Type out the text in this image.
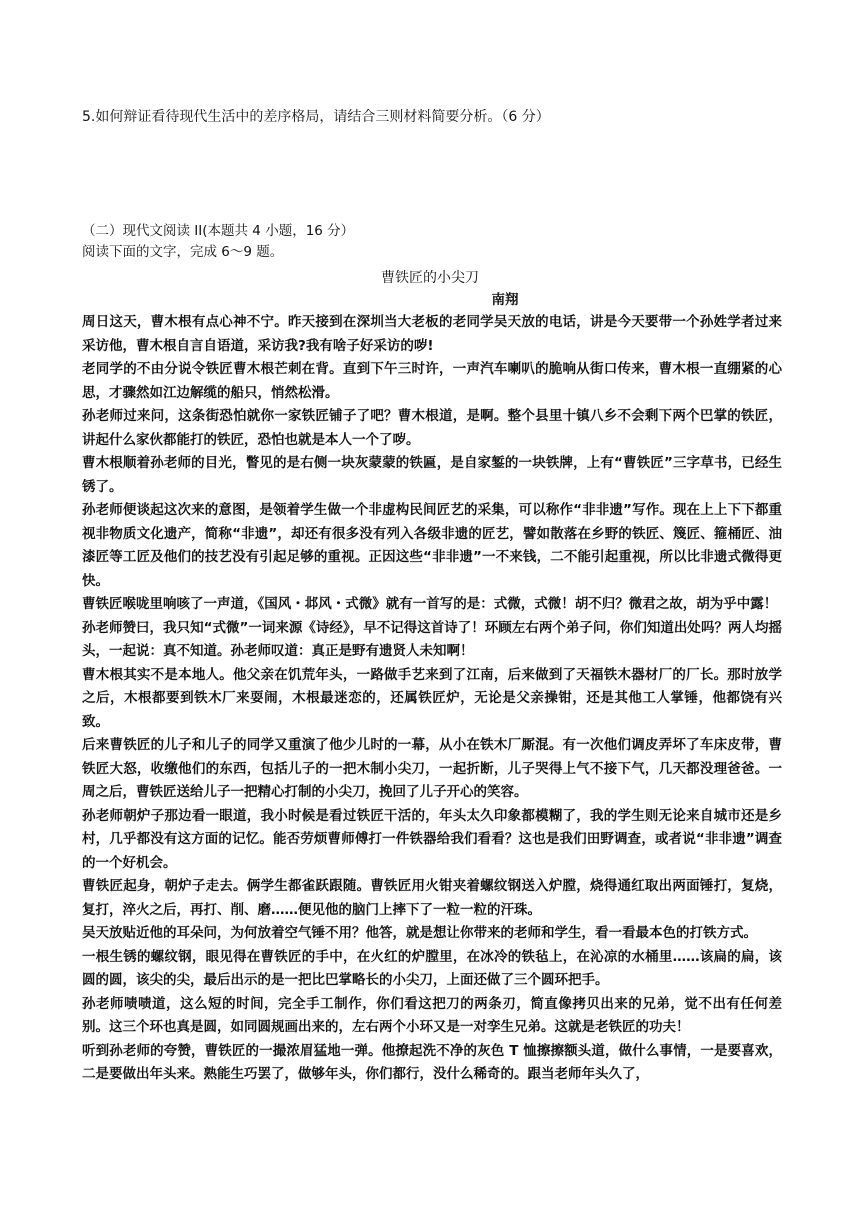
5.如何辩证看待现代生活中的差序格局，请结合三则材料简要分析。（6 分）
（二）现代文阅读 II(本题共 4 小题，16 分）
阅读下面的文字，完成 6～9 题。
曹铁匠的小尖刀
南翔

周日这天，曹木根有点心神不宁。昨天接到在深圳当大老板的老同学吴天放的电话，讲是今天要带一个孙姓学者过来采访他，曹木根自言自语道，采访我?我有啥子好采访的哕!

老同学的不由分说令铁匠曹木根芒刺在背。直到下午三时许，一声汽车喇叭的脆响从街口传来，曹木根一直绷紧的心思，才骤然如江边解缆的船只，悄然松滑。

孙老师过来问，这条街恐怕就你一家铁匠铺子了吧？曹木根道，是啊。整个县里十镇八乡不会剩下两个巴掌的铁匠，讲起什么家伙都能打的铁匠，恐怕也就是本人一个了哕。

曹木根顺着孙老师的目光，瞥见的是右侧一块灰蒙蒙的铁匾，是自家錾的一块铁牌，上有“曹铁匠”三字草书，已经生锈了。

孙老师便谈起这次来的意图，是领着学生做一个非虚构民间匠艺的采集，可以称作“非非遗”写作。现在上上下下都重视非物质文化遗产，简称“非遗”，却还有很多没有列入各级非遗的匠艺，譬如散落在乡野的铁匠、篾匠、箍桶匠、油漆匠等工匠及他们的技艺没有引起足够的重视。正因这些“非非遗”一不来钱，二不能引起重视，所以比非遗式微得更快。

曹铁匠喉咙里响咳了一声道，《国风・邶风・式微》就有一首写的是：式微，式微！胡不归？微君之故，胡为乎中露！

孙老师赞曰，我只知“式微”一词来源《诗经》，早不记得这首诗了！环顾左右两个弟子问，你们知道出处吗？两人均摇头，一起说：真不知道。孙老师叹道：真正是野有遗贤人未知啊！

曹木根其实不是本地人。他父亲在饥荒年头，一路做手艺来到了江南，后来做到了天福铁木器材厂的厂长。那时放学之后，木根都要到铁木厂来耍闹，木根最迷恋的，还属铁匠炉，无论是父亲操钳，还是其他工人掌锤，他都饶有兴致。

后来曹铁匠的儿子和儿子的同学又重演了他少儿时的一幕，从小在铁木厂厮混。有一次他们调皮弄坏了车床皮带，曹铁匠大怒，收缴他们的东西，包括儿子的一把木制小尖刀，一起折断，儿子哭得上气不接下气，几天都没理爸爸。一周之后，曹铁匠送给儿子一把精心打制的小尖刀，挽回了儿子开心的笑容。

孙老师朝炉子那边看一眼道，我小时候是看过铁匠干活的，年头太久印象都模糊了，我的学生则无论来自城市还是乡村，几乎都没有这方面的记忆。能否劳烦曹师傅打一件铁器给我们看看？这也是我们田野调查，或者说“非非遗”调查的一个好机会。

曹铁匠起身，朝炉子走去。俩学生都雀跃跟随。曹铁匠用火钳夹着螺纹钢送入炉膛，烧得通红取出两面锤打，复烧，复打，淬火之后，再打、削、磨……便见他的脑门上摔下了一粒一粒的汗珠。

吴天放贴近他的耳朵问，为何放着空气锤不用？他答，就是想让你带来的老师和学生，看一看最本色的打铁方式。

一根生锈的螺纹钢，眼见得在曹铁匠的手中，在火红的炉膛里，在冰冷的铁毡上，在沁凉的水桶里……该扁的扁，该圆的圆，该尖的尖，最后出示的是一把比巴掌略长的小尖刀，上面还做了三个圆环把手。

孙老师啧啧道，这么短的时间，完全手工制作，你们看这把刀的两条刃，简直像拷贝出来的兄弟，觉不出有任何差别。这三个环也真是圆，如同圆规画出来的，左右两个小环又是一对孪生兄弟。这就是老铁匠的功夫！

听到孙老师的夸赞，曹铁匠的一撮浓眉猛地一弹。他撩起洗不净的灰色 T 恤擦擦额头道，做什么事情，一是要喜欢，二是要做出年头来。熟能生巧罢了，做够年头，你们都行，没什么稀奇的。跟当老师年头久了，
